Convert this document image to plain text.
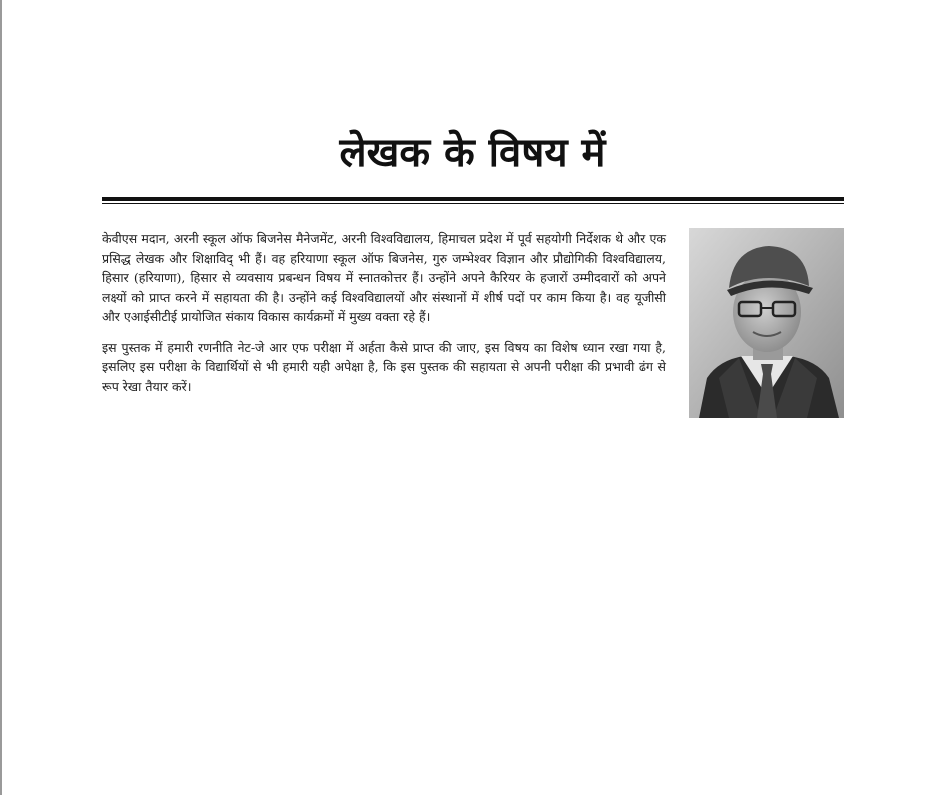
लेखक के विषय में

केवीएस मदान, अरनी स्कूल ऑफ बिजनेस मैनेजमेंट, अरनी विश्वविद्यालय, हिमाचल प्रदेश में पूर्व सहयोगी निर्देशक थे और एक प्रसिद्ध लेखक और शिक्षाविद् भी हैं। वह हरियाणा स्कूल ऑफ बिजनेस, गुरु जम्भेश्वर विज्ञान और प्रौद्योगिकी विश्वविद्यालय, हिसार (हरियाणा), हिसार से व्यवसाय प्रबन्धन विषय में स्नातकोत्तर हैं। उन्होंने अपने कैरियर के हजारों उम्मीदवारों को अपने लक्ष्यों को प्राप्त करने में सहायता की है। उन्होंने कई विश्वविद्यालयों और संस्थानों में शीर्ष पदों पर काम किया है। वह यूजीसी और एआईसीटीई प्रायोजित संकाय विकास कार्यक्रमों में मुख्य वक्ता रहे हैं।

इस पुस्तक में हमारी रणनीति नेट-जे आर एफ परीक्षा में अर्हता कैसे प्राप्त की जाए, इस विषय का विशेष ध्यान रखा गया है, इसलिए इस परीक्षा के विद्यार्थियों से भी हमारी यही अपेक्षा है, कि इस पुस्तक की सहायता से अपनी परीक्षा की प्रभावी ढंग से रूप रेखा तैयार करें।
